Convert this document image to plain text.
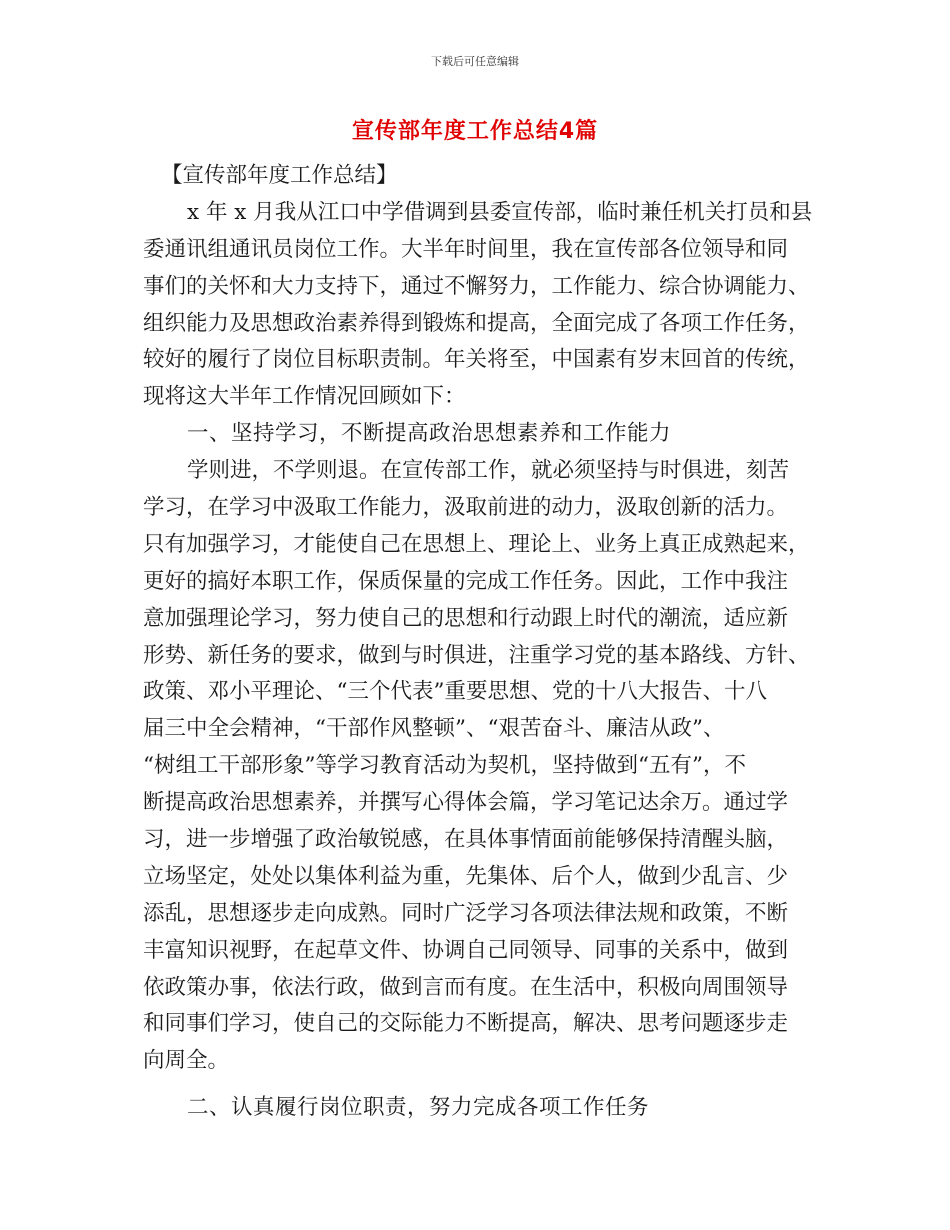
下载后可任意编辑
宣传部年度工作总结4篇
【宣传部年度工作总结】
x 年 x 月我从江口中学借调到县委宣传部，临时兼任机关打员和县
委通讯组通讯员岗位工作。大半年时间里，我在宣传部各位领导和同
事们的关怀和大力支持下，通过不懈努力，工作能力、综合协调能力、
组织能力及思想政治素养得到锻炼和提高，全面完成了各项工作任务，
较好的履行了岗位目标职责制。年关将至，中国素有岁末回首的传统，
现将这大半年工作情况回顾如下：
一、坚持学习，不断提高政治思想素养和工作能力
学则进，不学则退。在宣传部工作，就必须坚持与时俱进，刻苦
学习，在学习中汲取工作能力，汲取前进的动力，汲取创新的活力。
只有加强学习，才能使自己在思想上、理论上、业务上真正成熟起来，
更好的搞好本职工作，保质保量的完成工作任务。因此，工作中我注
意加强理论学习，努力使自己的思想和行动跟上时代的潮流，适应新
形势、新任务的要求，做到与时俱进，注重学习党的基本路线、方针、
政策、邓小平理论、“三个代表”重要思想、党的十八大报告、十八
届三中全会精神，“干部作风整顿”、“艰苦奋斗、廉洁从政”、
“树组工干部形象”等学习教育活动为契机，坚持做到“五有”，不
断提高政治思想素养，并撰写心得体会篇，学习笔记达余万。通过学
习，进一步增强了政治敏锐感，在具体事情面前能够保持清醒头脑，
立场坚定，处处以集体利益为重，先集体、后个人，做到少乱言、少
添乱，思想逐步走向成熟。同时广泛学习各项法律法规和政策，不断
丰富知识视野，在起草文件、协调自己同领导、同事的关系中，做到
依政策办事，依法行政，做到言而有度。在生活中，积极向周围领导
和同事们学习，使自己的交际能力不断提高，解决、思考问题逐步走
向周全。
二、认真履行岗位职责，努力完成各项工作任务
